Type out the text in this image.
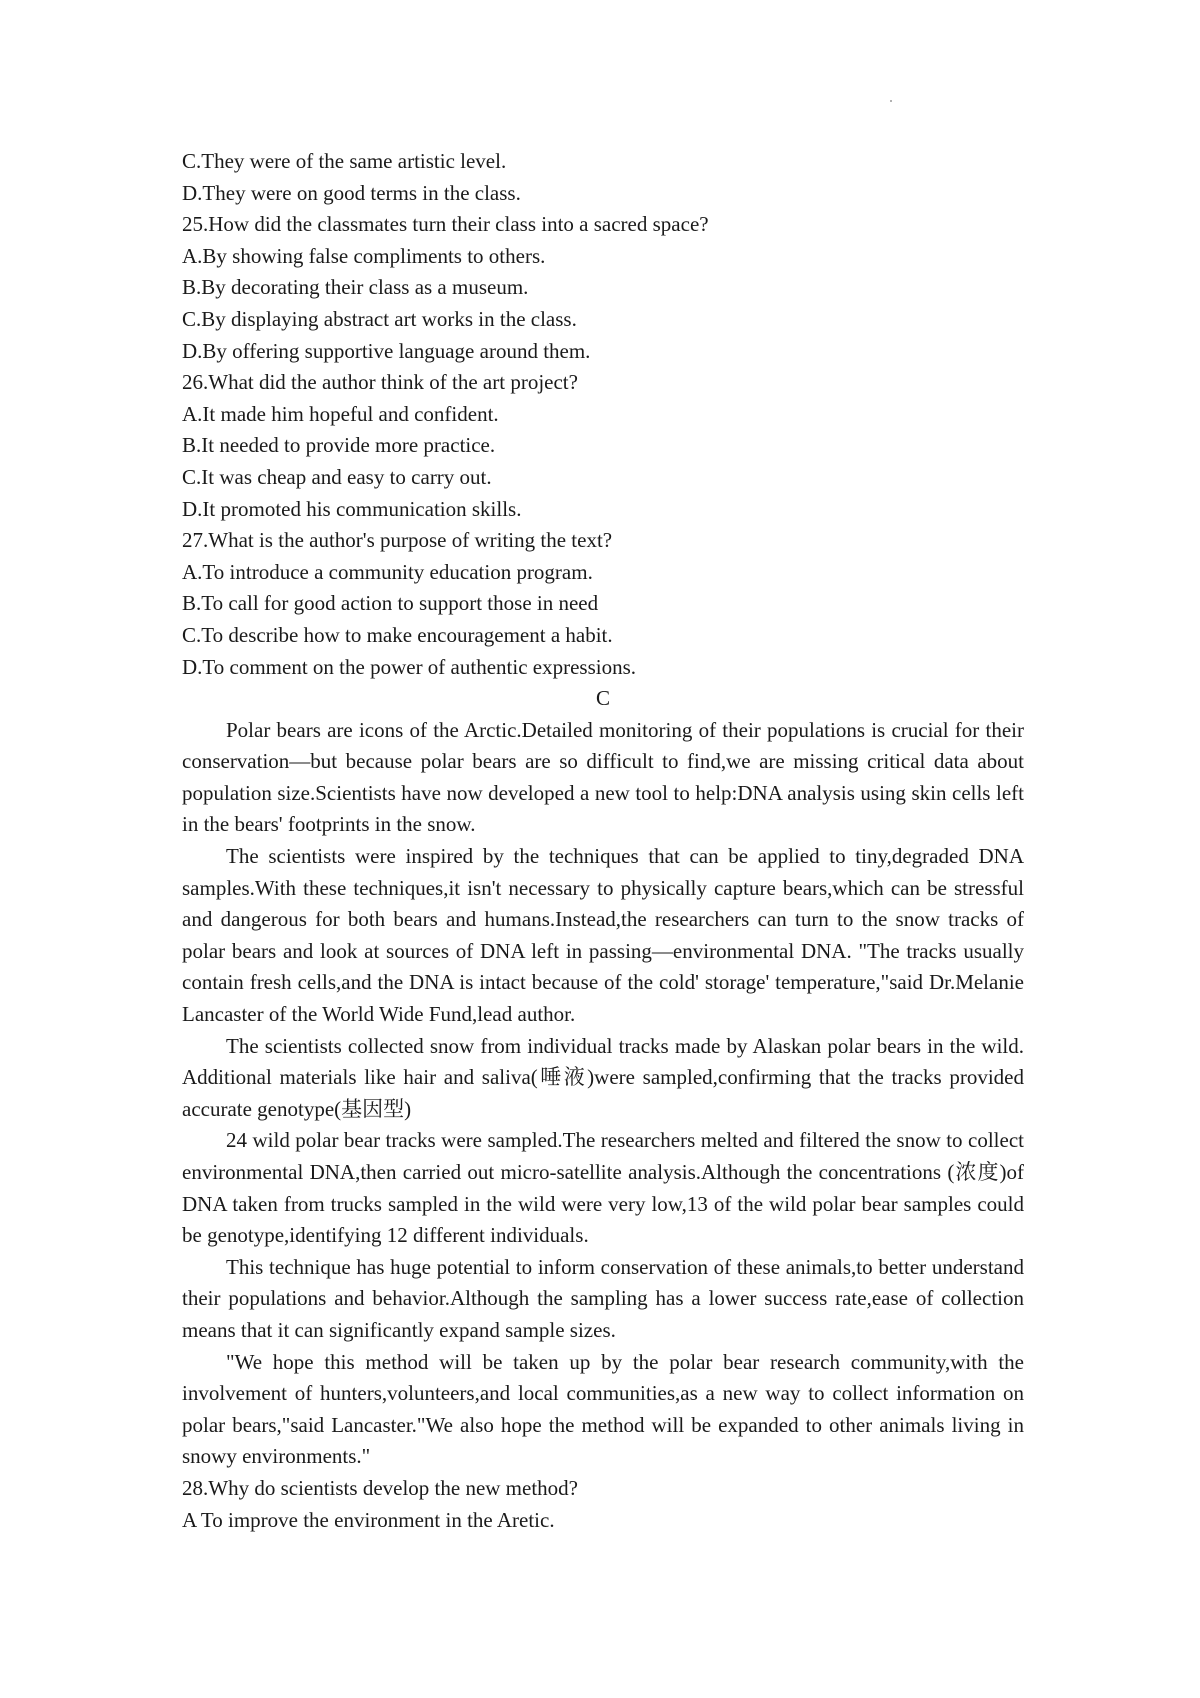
C.They were of the same artistic level.

D.They were on good terms in the class.

25.How did the classmates turn their class into a sacred space?

A.By showing false compliments to others.

B.By decorating their class as a museum.

C.By displaying abstract art works in the class.

D.By offering supportive language around them.

26.What did the author think of the art project?

A.It made him hopeful and confident.

B.It needed to provide more practice.

C.It was cheap and easy to carry out.

D.It promoted his communication skills.

27.What is the author's purpose of writing the text?

A.To introduce a community education program.

B.To call for good action to support those in need

C.To describe how to make encouragement a habit.

D.To comment on the power of authentic expressions.

C

Polar bears are icons of the Arctic.Detailed monitoring of their populations is crucial for their conservation—but because polar bears are so difficult to find,we are missing critical data about population size.Scientists have now developed a new tool to help:DNA analysis using skin cells left in the bears' footprints in the snow.

The scientists were inspired by the techniques that can be applied to tiny,degraded DNA samples.With these techniques,it isn't necessary to physically capture bears,which can be stressful and dangerous for both bears and humans.Instead,the researchers can turn to the snow tracks of polar bears and look at sources of DNA left in passing—environmental DNA. "The tracks usually contain fresh cells,and the DNA is intact because of the cold' storage' temperature,"said Dr.Melanie Lancaster of the World Wide Fund,lead author.

The scientists collected snow from individual tracks made by Alaskan polar bears in the wild. Additional materials like hair and saliva(唾液)were sampled,confirming that the tracks provided accurate genotype(基因型)

24 wild polar bear tracks were sampled.The researchers melted and filtered the snow to collect environmental DNA,then carried out micro-satellite analysis.Although the concentrations (浓度)of DNA taken from trucks sampled in the wild were very low,13 of the wild polar bear samples could be genotype,identifying 12 different individuals.

This technique has huge potential to inform conservation of these animals,to better understand their populations and behavior.Although the sampling has a lower success rate,ease of collection means that it can significantly expand sample sizes.

"We hope this method will be taken up by the polar bear research community,with the involvement of hunters,volunteers,and local communities,as a new way to collect information on polar bears,"said Lancaster."We also hope the method will be expanded to other animals living in snowy environments."

28.Why do scientists develop the new method?

A To improve the environment in the Aretic.
